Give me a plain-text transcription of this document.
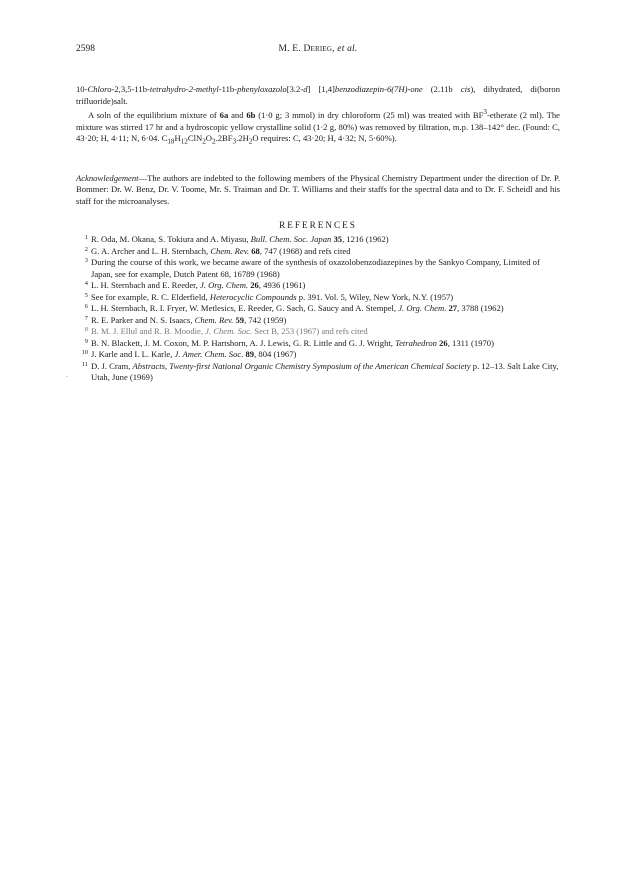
2598	M. E. Derieg, et al.

10-Chloro-2,3,5-11b-tetrahydro-2-methyl-11b-phenyloxazolo[3.2-d] [1,4]benzodiazepin-6(7H)-one (2.11b cis), dihydrated, di(boron trifluoride)salt.

A soln of the equilibrium mixture of 6a and 6b (1·0 g; 3 mmol) in dry chloroform (25 ml) was treated with $BF^3$-etherate (2 ml). The mixture was stirred 17 hr and a hydroscopic yellow crystalline solid (1·2 g, 80%) was removed by filtration, m.p. 138–142° dec. (Found: C, 43·20; H, 4·11; N, 6·04. $C_{18}H_{12}ClN_2O_2.2BF_3.2H_2O$ requires: C, 43·20; H, 4·32; N, 5·60%).

Acknowledgement—The authors are indebted to the following members of the Physical Chemistry Department under the direction of Dr. P. Bommer: Dr. W. Benz, Dr. V. Toome, Mr. S. Traiman and Dr. T. Williams and their staffs for the spectral data and to Dr. F. Scheidl and his staff for the microanalyses.

REFERENCES
1 R. Oda, M. Okana, S. Tokiura and A. Miyasu, Bull. Chem. Soc. Japan 35, 1216 (1962)
2 G. A. Archer and L. H. Sternbach, Chem. Rev. 68, 747 (1968) and refs cited
3 During the course of this work, we became aware of the synthesis of oxazolobenzodiazepines by the Sankyo Company, Limited of Japan, see for example, Dutch Patent 68, 16789 (1968)
4 L. H. Sternbach and E. Reeder, J. Org. Chem. 26, 4936 (1961)
5 See for example, R. C. Elderfield, Heterocyclic Compounds p. 391. Vol. 5, Wiley, New York, N.Y. (1957)
6 L. H. Sternbach, R. I. Fryer, W. Metlesics, E. Reeder, G. Sach, G. Saucy and A. Stempel, J. Org. Chem. 27, 3788 (1962)
7 R. E. Parker and N. S. Isaacs, Chem. Rev. 59, 742 (1959)
8 B. M. J. Ellul and R. B. Moodie, J. Chem. Soc. Sect B, 253 (1967) and refs cited
9 B. N. Blackett, J. M. Coxon, M. P. Hartshorn, A. J. Lewis, G. R. Little and G. J. Wright, Tetrahedron 26, 1311 (1970)
10 J. Karle and I. L. Karle, J. Amer. Chem. Soc. 89, 804 (1967)
11 D. J. Cram, Abstracts, Twenty-first National Organic Chemistry Symposium of the American Chemical Society p. 12–13. Salt Lake City, Utah, June (1969)
.
